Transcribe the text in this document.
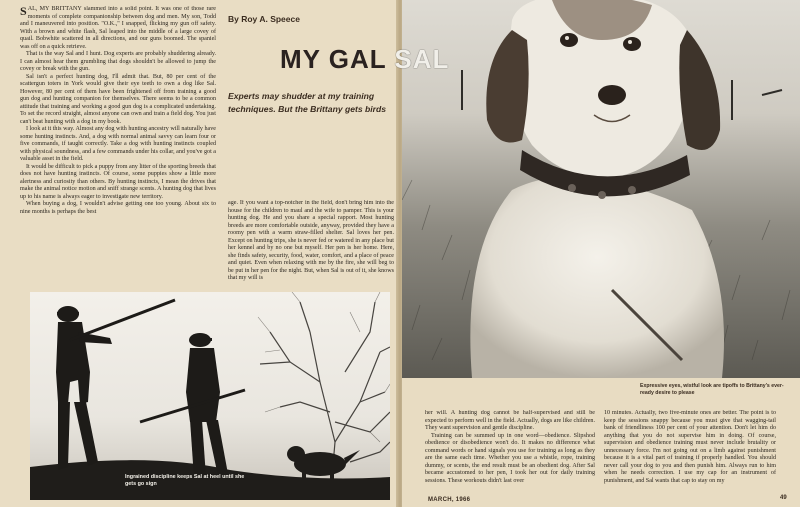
SAL, MY BRITTANY slammed into a solid point. It was one of those rare moments of complete companionship between dog and men. My son, Todd and I maneuvered into position. "O.K.," I snapped, flicking my gun off safety. With a brown and white flash, Sal leaped into the middle of a large covey of quail. Bobwhite scattered in all directions, and our guns boomed. The spaniel was off on a quick retrieve.

That is the way Sal and I hunt. Dog experts are probably shuddering already. I can almost hear them grumbling that dogs shouldn't be allowed to jump the covey or break with the gun.

Sal isn't a perfect hunting dog, I'll admit that. But, 80 per cent of the scattergun toters in York would give their eye teeth to own a dog like Sal. However, 80 per cent of them have been frightened off from training a good gun dog and hunting companion for themselves. There seems to be a common attitude that training and working a good gun dog is a complicated undertaking. To set the record straight, almost anyone can own and train a field dog. You just can't beat hunting with a dog in my book.

I look at it this way. Almost any dog with hunting ancestry will naturally have some hunting instincts. And, a dog with normal animal savvy can learn four or five commands, if taught correctly. Take a dog with hunting instincts coupled with physical soundness, and a few commands under his collar, and you've got a valuable asset in the field.

It would be difficult to pick a puppy from any litter of the sporting breeds that does not have hunting instincts. Of course, some puppies show a little more alertness and curiosity than others. By hunting instincts, I mean the drives that make the animal notice motion and sniff strange scents. A hunting dog that lives up to his name is always eager to investigate new territory.

When buying a dog, I wouldn't advise getting one too young. About six to nine months is perhaps the best

By Roy A. Speece
Experts may shudder at my training techniques. But the Brittany gets birds

age. If you want a top-notcher in the field, don't bring him into the house for the children to maul and the wife to pamper. This is your hunting dog. He and you share a special rapport. Most hunting breeds are more comfortable outside, anyway, provided they have a roomy pen with a warm straw-filled shelter. Sal loves her pen. Except on hunting trips, she is never fed or watered in any place but her kennel and by no one but myself. Her pen is her home. Here, she finds safety, security, food, water, comfort, and a place of peace and quiet. Even when relaxing with me by the fire, she will beg to be put in her pen for the night. But, when Sal is out of it, she knows that my will is

Ingrained discipline keeps Sal at heel until she gets go sign
MY GAL SAL
Expressive eyes, wistful look are tipoffs to Brittany's ever-ready desire to please

her will. A hunting dog cannot be half-supervised and still be expected to perform well in the field. Actually, dogs are like children. They want supervision and gentle discipline.

Training can be summed up in one word—obedience. Slipshod obedience or disobedience won't do. It makes no difference what command words or hand signals you use for training as long as they are the same each time. Whether you use a whistle, rope, training dummy, or scents, the end result must be an obedient dog. After Sal became accustomed to her pen, I took her out for daily training sessions. These workouts didn't last over

10 minutes. Actually, two five-minute ones are better. The point is to keep the sessions snappy because you must give that wagging-tail bank of friendliness 100 per cent of your attention. Don't let him do anything that you do not supervise him in doing. Of course, supervision and obedience training must never include brutality or unnecessary force. I'm not going out on a limb against punishment because it is a vital part of training if properly handled. You should never call your dog to you and then punish him. Always run to him when he needs correction. I use my cap for an instrument of punishment, and Sal wants that cap to stay on my

MARCH, 1966	49
